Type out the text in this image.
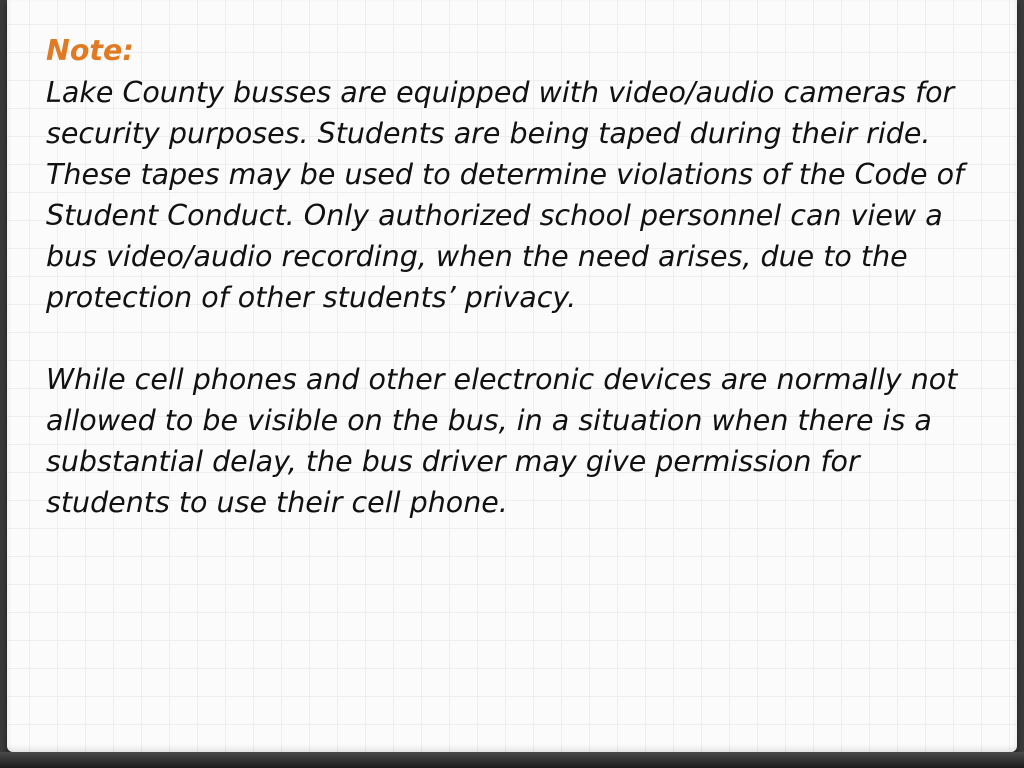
Note:

Lake County busses are equipped with video/audio cameras for security purposes. Students are being taped during their ride. These tapes may be used to determine violations of the Code of Student Conduct. Only authorized school personnel can view a bus video/audio recording, when the need arises, due to the protection of other students’ privacy.

While cell phones and other electronic devices are normally not allowed to be visible on the bus, in a situation when there is a substantial delay, the bus driver may give permission for students to use their cell phone.
